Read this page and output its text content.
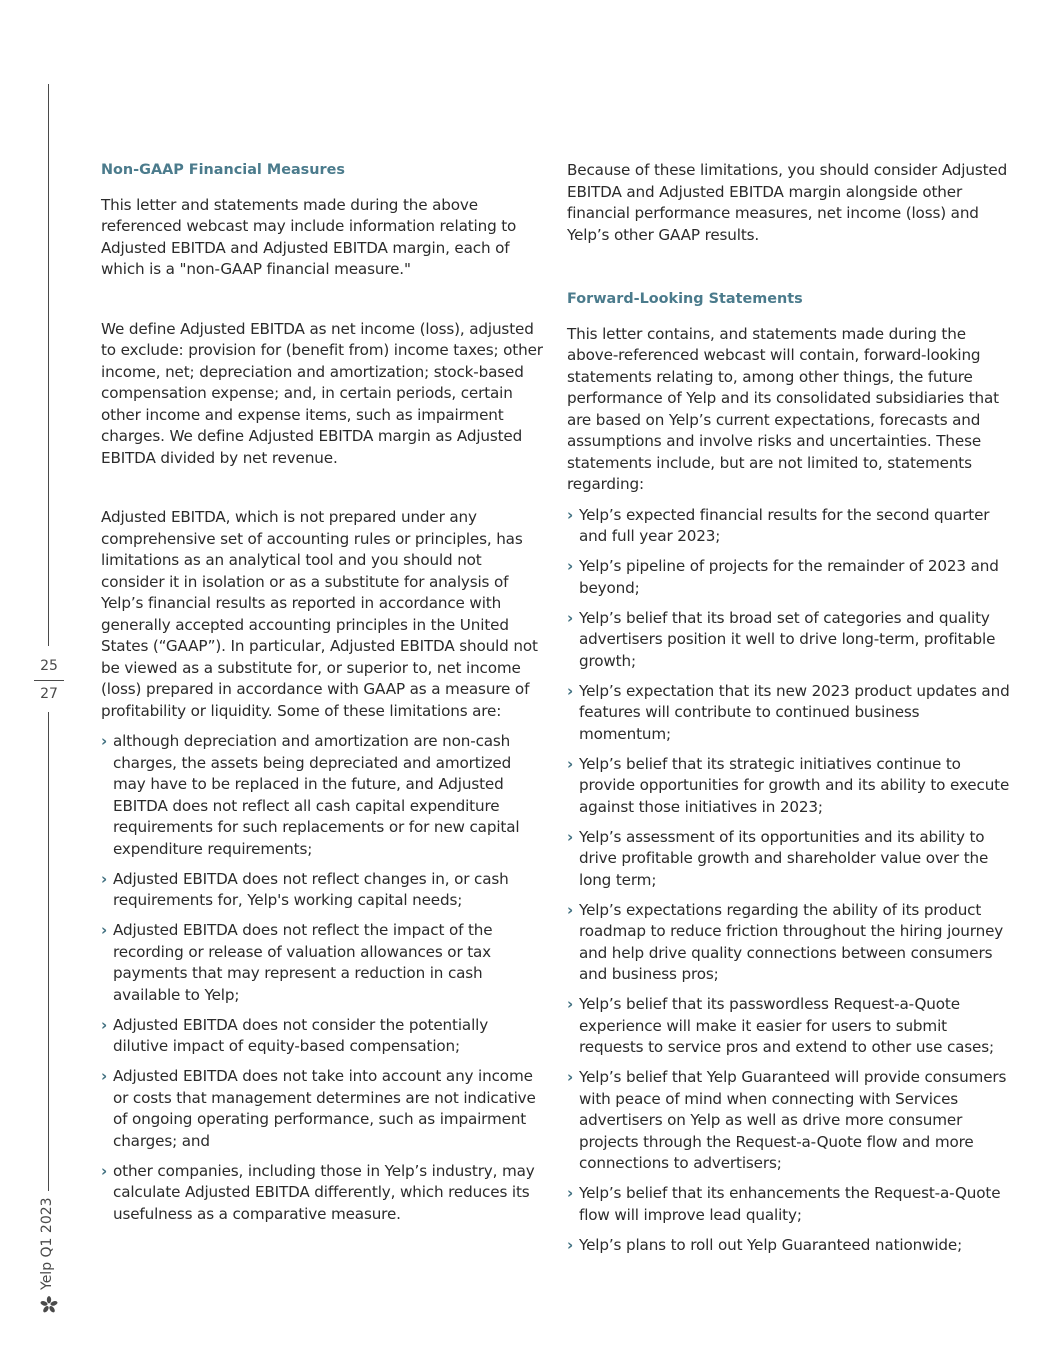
25
27
Yelp Q1 2023
Non-GAAP Financial Measures

This letter and statements made during the above referenced webcast may include information relating to Adjusted EBITDA and Adjusted EBITDA margin, each of which is a "non-GAAP financial measure."

We define Adjusted EBITDA as net income (loss), adjusted to exclude: provision for (benefit from) income taxes; other income, net; depreciation and amortization; stock-based compensation expense; and, in certain periods, certain other income and expense items, such as impairment charges. We define Adjusted EBITDA margin as Adjusted EBITDA divided by net revenue.

Adjusted EBITDA, which is not prepared under any comprehensive set of accounting rules or principles, has limitations as an analytical tool and you should not consider it in isolation or as a substitute for analysis of Yelp’s financial results as reported in accordance with generally accepted accounting principles in the United States (“GAAP”). In particular, Adjusted EBITDA should not be viewed as a substitute for, or superior to, net income (loss) prepared in accordance with GAAP as a measure of profitability or liquidity. Some of these limitations are:

› although depreciation and amortization are non-cash charges, the assets being depreciated and amortized may have to be replaced in the future, and Adjusted EBITDA does not reflect all cash capital expenditure requirements for such replacements or for new capital expenditure requirements;
› Adjusted EBITDA does not reflect changes in, or cash requirements for, Yelp's working capital needs;
› Adjusted EBITDA does not reflect the impact of the recording or release of valuation allowances or tax payments that may represent a reduction in cash available to Yelp;
› Adjusted EBITDA does not consider the potentially dilutive impact of equity-based compensation;
› Adjusted EBITDA does not take into account any income or costs that management determines are not indicative of ongoing operating performance, such as impairment charges; and
› other companies, including those in Yelp’s industry, may calculate Adjusted EBITDA differently, which reduces its usefulness as a comparative measure.

Because of these limitations, you should consider Adjusted EBITDA and Adjusted EBITDA margin alongside other financial performance measures, net income (loss) and Yelp’s other GAAP results.

Forward-Looking Statements

This letter contains, and statements made during the above-referenced webcast will contain, forward-looking statements relating to, among other things, the future performance of Yelp and its consolidated subsidiaries that are based on Yelp’s current expectations, forecasts and assumptions and involve risks and uncertainties. These statements include, but are not limited to, statements regarding:

› Yelp’s expected financial results for the second quarter and full year 2023;
› Yelp’s pipeline of projects for the remainder of 2023 and beyond;
› Yelp’s belief that its broad set of categories and quality advertisers position it well to drive long-term, profitable growth;
› Yelp’s expectation that its new 2023 product updates and features will contribute to continued business momentum;
› Yelp’s belief that its strategic initiatives continue to provide opportunities for growth and its ability to execute against those initiatives in 2023;
› Yelp’s assessment of its opportunities and its ability to drive profitable growth and shareholder value over the long term;
› Yelp’s expectations regarding the ability of its product roadmap to reduce friction throughout the hiring journey and help drive quality connections between consumers and business pros;
› Yelp’s belief that its passwordless Request-a-Quote experience will make it easier for users to submit requests to service pros and extend to other use cases;
› Yelp’s belief that Yelp Guaranteed will provide consumers with peace of mind when connecting with Services advertisers on Yelp as well as drive more consumer projects through the Request-a-Quote flow and more connections to advertisers;
› Yelp’s belief that its enhancements the Request-a-Quote flow will improve lead quality;
› Yelp’s plans to roll out Yelp Guaranteed nationwide;
